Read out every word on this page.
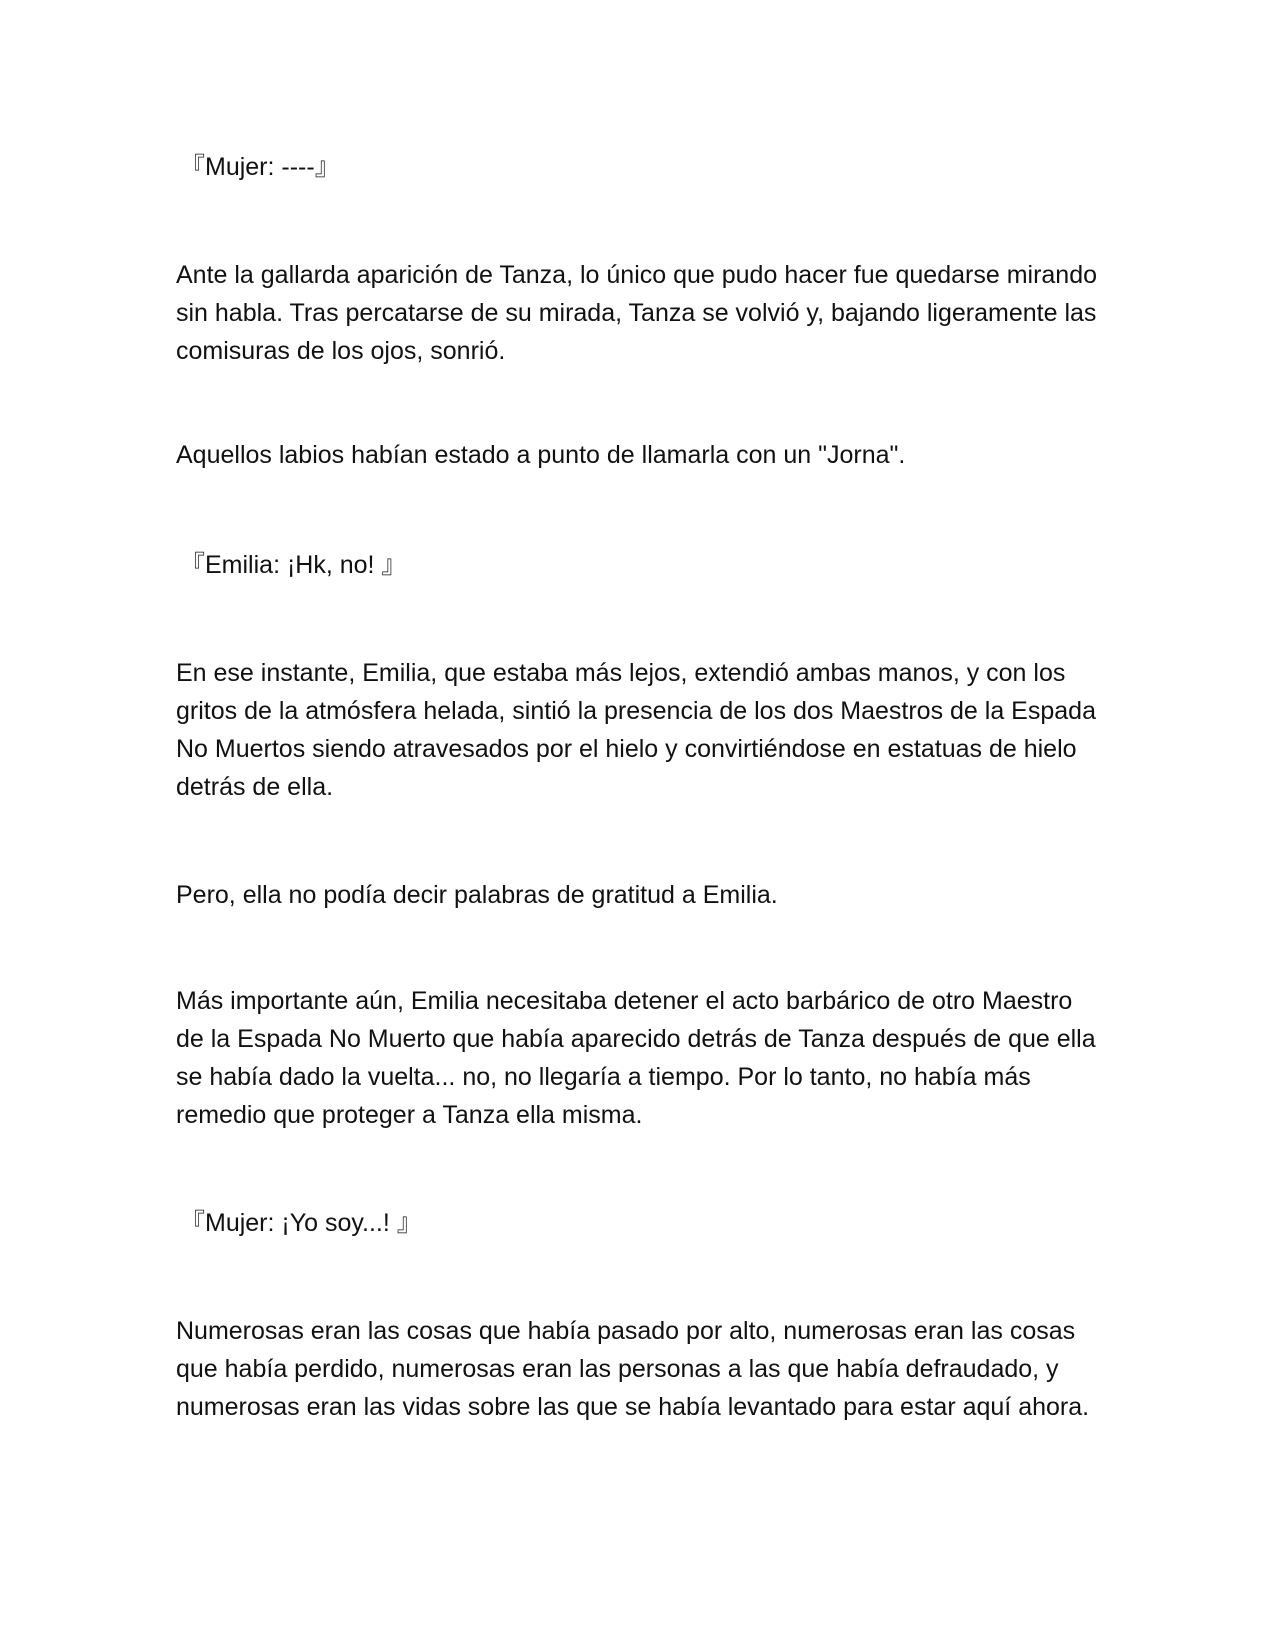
『Mujer: ----』

Ante la gallarda aparición de Tanza, lo único que pudo hacer fue quedarse mirando sin habla. Tras percatarse de su mirada, Tanza se volvió y, bajando ligeramente las comisuras de los ojos, sonrió.

Aquellos labios habían estado a punto de llamarla con un "Jorna".

『Emilia: ¡Hk, no! 』

En ese instante, Emilia, que estaba más lejos, extendió ambas manos, y con los gritos de la atmósfera helada, sintió la presencia de los dos Maestros de la Espada No Muertos siendo atravesados por el hielo y convirtiéndose en estatuas de hielo detrás de ella.

Pero, ella no podía decir palabras de gratitud a Emilia.

Más importante aún, Emilia necesitaba detener el acto barbárico de otro Maestro de la Espada No Muerto que había aparecido detrás de Tanza después de que ella se había dado la vuelta... no, no llegaría a tiempo. Por lo tanto, no había más remedio que proteger a Tanza ella misma.

『Mujer: ¡Yo soy...! 』

Numerosas eran las cosas que había pasado por alto, numerosas eran las cosas que había perdido, numerosas eran las personas a las que había defraudado, y numerosas eran las vidas sobre las que se había levantado para estar aquí ahora.
